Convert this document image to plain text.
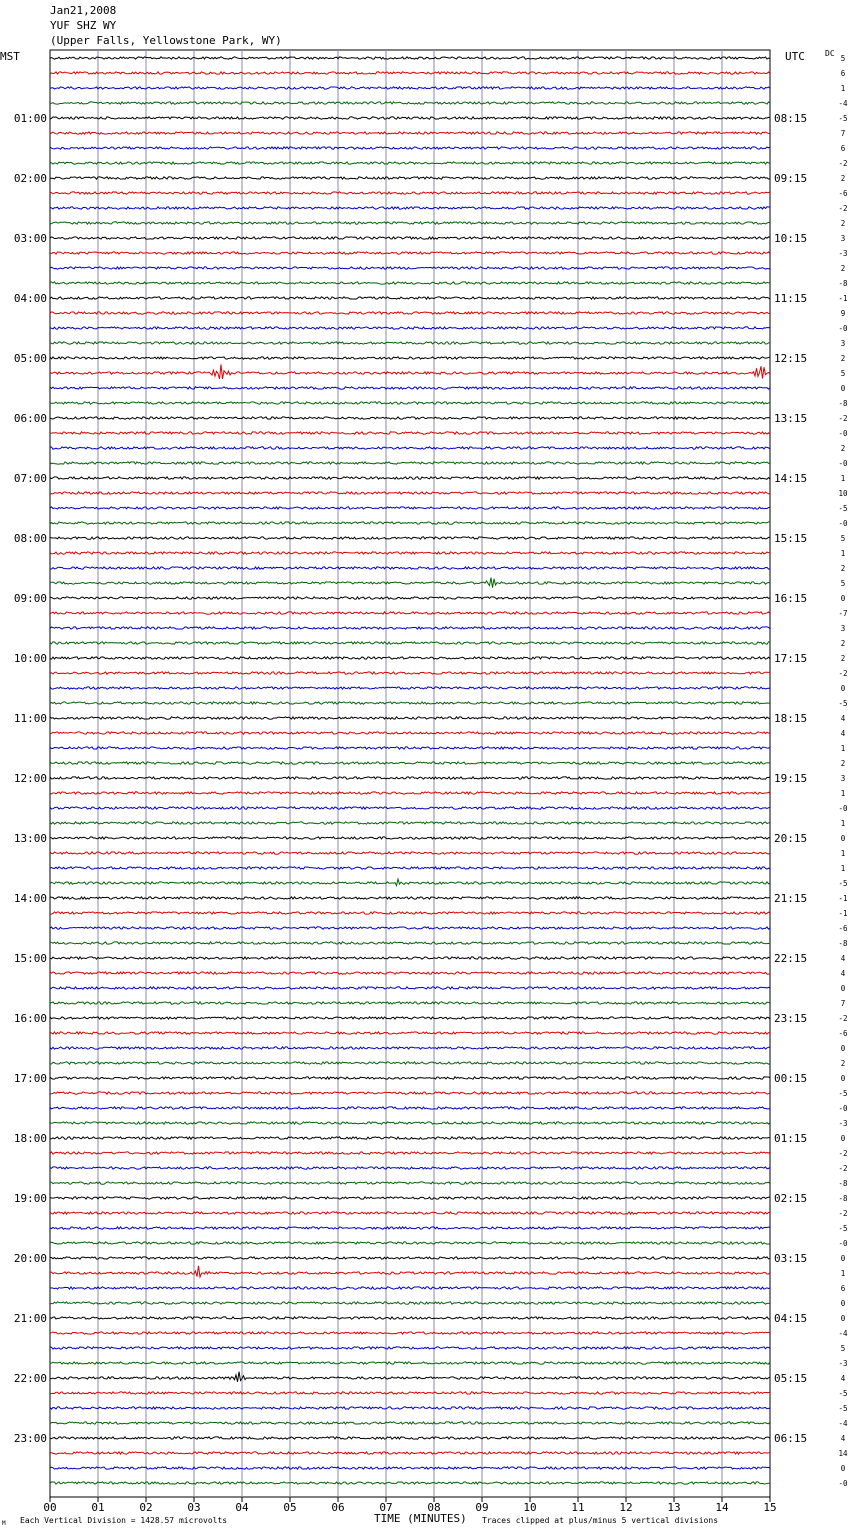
01:00
02:00
03:00
04:00
05:00
06:00
07:00
08:00
09:00
10:00
11:00
12:00
13:00
14:00
15:00
16:00
17:00
18:00
19:00
20:00
21:00
22:00
23:00
08:15
09:15
10:15
11:15
12:15
13:15
14:15
15:15
16:15
17:15
18:15
19:15
20:15
21:15
22:15
23:15
00:15
01:15
02:15
03:15
04:15
05:15
06:15
5
6
1
-4
-5
7
6
-2
2
-6
-2
2
3
-3
2
-8
-1
9
-0
3
2
5
0
-8
-2
-0
2
-0
1
10
-5
-0
5
1
2
5
0
-7
3
2
2
-2
0
-5
4
4
1
2
3
1
-0
1
0
1
1
-5
-1
-1
-6
-8
4
4
0
7
-2
-6
0
2
0
-5
-0
-3
0
-2
-2
-8
-8
-2
-5
-0
0
1
6
0
0
-4
5
-3
4
-5
-5
-4
4
14
0
-0
00	01	02	03	04	05	06	07	08	09	10	11	12	13	14	15
Jan21,2008
YUF SHZ WY
(Upper Falls, Yellowstone Park, WY)
MST	UTC	DC
TIME (MINUTES)
Each Vertical Division = 1428.57 microvolts	Traces clipped at plus/minus 5 vertical divisions
M
